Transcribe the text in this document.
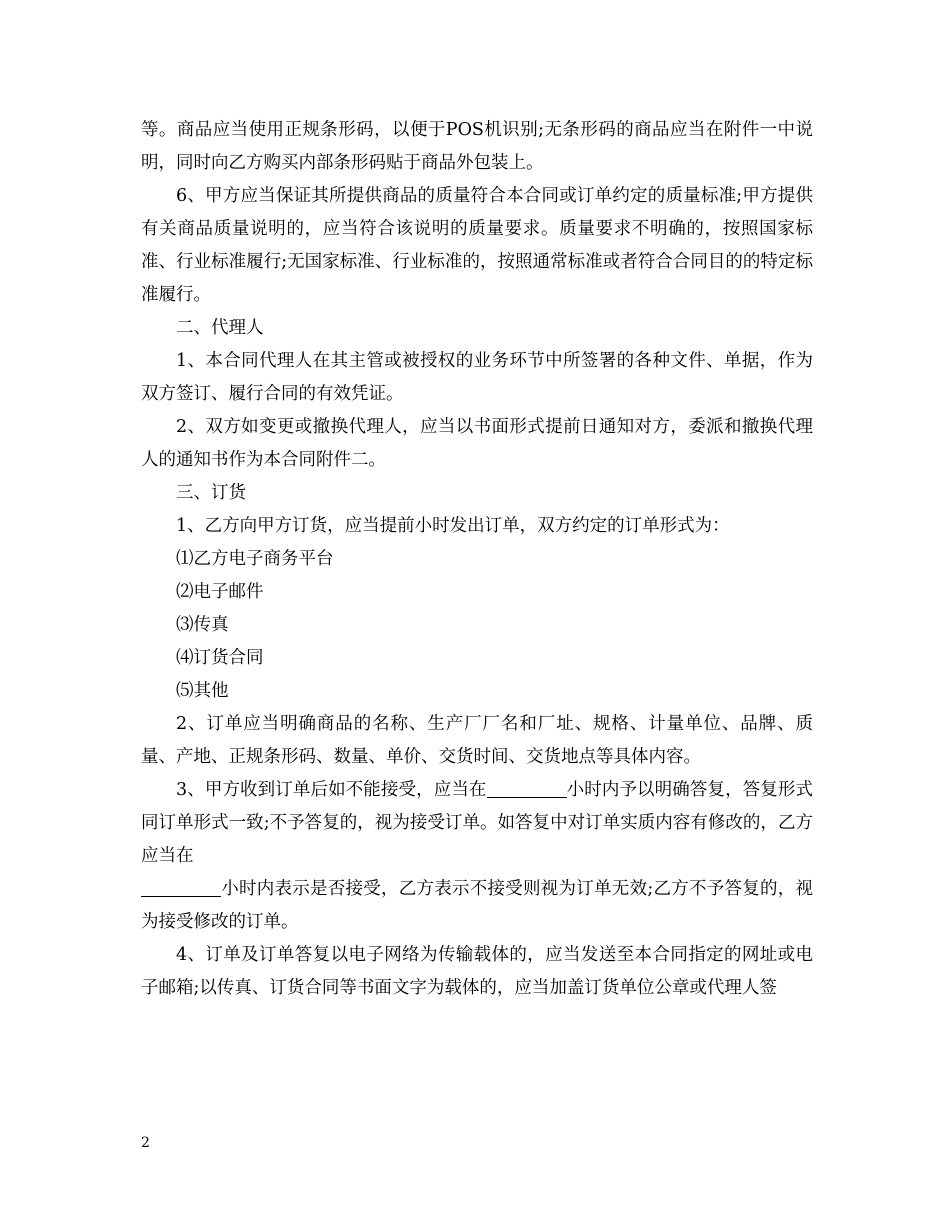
等。商品应当使用正规条形码，以便于POS机识别;无条形码的商品应当在附件一中说明，同时向乙方购买内部条形码贴于商品外包装上。

6、甲方应当保证其所提供商品的质量符合本合同或订单约定的质量标准;甲方提供有关商品质量说明的，应当符合该说明的质量要求。质量要求不明确的，按照国家标准、行业标准履行;无国家标准、行业标准的，按照通常标准或者符合合同目的的特定标准履行。

二、代理人

1、本合同代理人在其主管或被授权的业务环节中所签署的各种文件、单据，作为双方签订、履行合同的有效凭证。

2、双方如变更或撤换代理人，应当以书面形式提前日通知对方，委派和撤换代理人的通知书作为本合同附件二。

三、订货

1、乙方向甲方订货，应当提前小时发出订单，双方约定的订单形式为：

⑴乙方电子商务平台

⑵电子邮件

⑶传真

⑷订货合同

⑸其他

2、订单应当明确商品的名称、生产厂厂名和厂址、规格、计量单位、品牌、质量、产地、正规条形码、数量、单价、交货时间、交货地点等具体内容。

3、甲方收到订单后如不能接受，应当在	小时内予以明确答复，答复形式同订单形式一致;不予答复的，视为接受订单。如答复中对订单实质内容有修改的，乙方应当在

小时内表示是否接受，乙方表示不接受则视为订单无效;乙方不予答复的，视为接受修改的订单。

4、订单及订单答复以电子网络为传输载体的，应当发送至本合同指定的网址或电子邮箱;以传真、订货合同等书面文字为载体的，应当加盖订货单位公章或代理人签

2
